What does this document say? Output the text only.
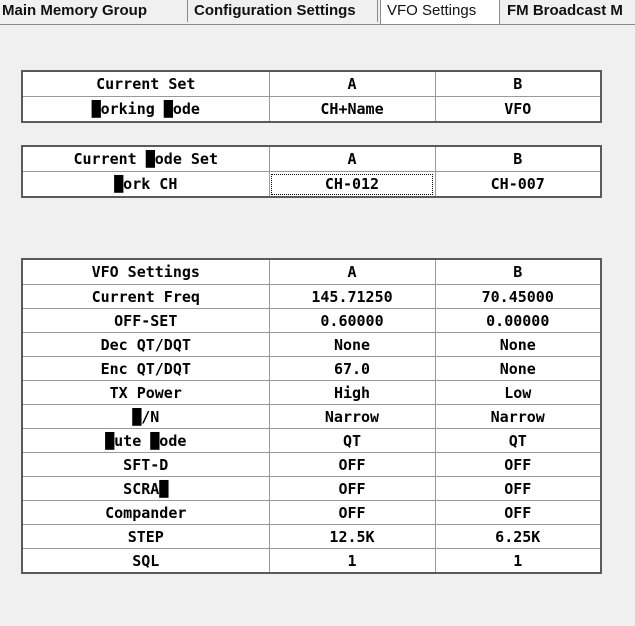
Main Memory Group	Configuration Settings	VFO Settings	FM Broadcast M
Current Set	A	B
█orking █ode	CH+Name	VFO
Current █ode Set	A	B
█ork CH	CH-012	CH-007
VFO Settings	A	B
Current Freq	145.71250	70.45000
OFF-SET	0.60000	0.00000
Dec QT/DQT	None	None
Enc QT/DQT	67.0	None
TX Power	High	Low
█/N	Narrow	Narrow
█ute █ode	QT	QT
SFT-D	OFF	OFF
SCRA█	OFF	OFF
Compander	OFF	OFF
STEP	12.5K	6.25K
SQL	1	1
